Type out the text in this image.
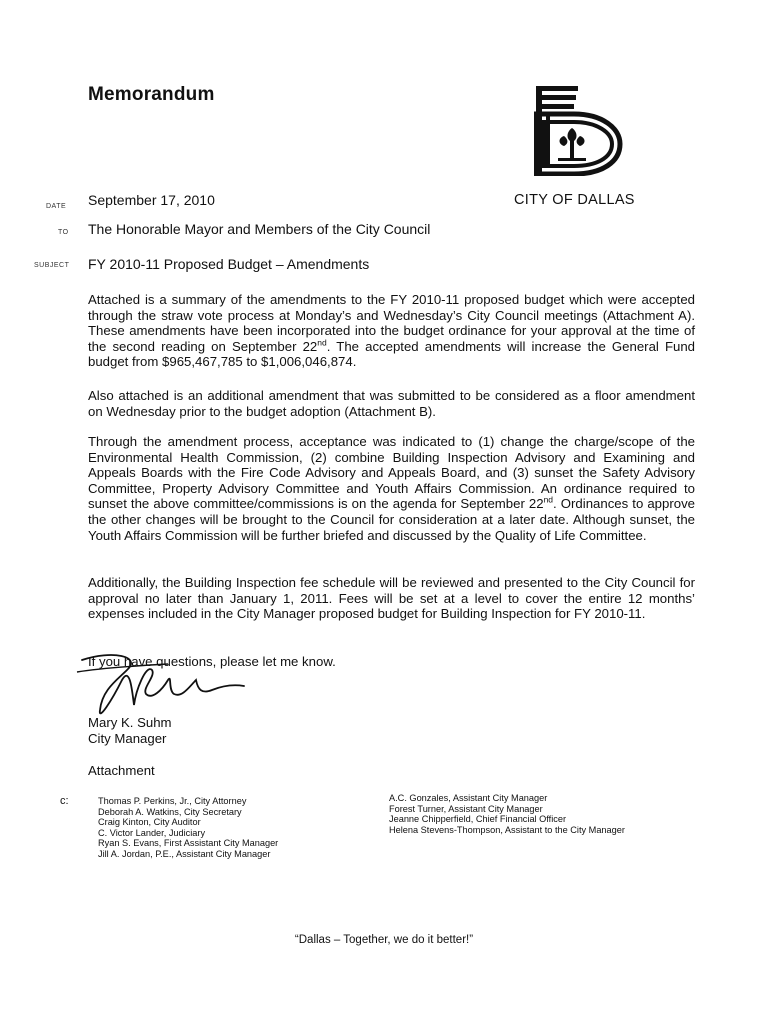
Memorandum
CITY OF DALLAS
DATE September 17, 2010
TO The Honorable Mayor and Members of the City Council
SUBJECT FY 2010-11 Proposed Budget – Amendments

Attached is a summary of the amendments to the FY 2010-11 proposed budget which were accepted through the straw vote process at Monday’s and Wednesday’s City Council meetings (Attachment A). These amendments have been incorporated into the budget ordinance for your approval at the time of the second reading on September 22nd. The accepted amendments will increase the General Fund budget from $965,467,785 to $1,006,046,874.

Also attached is an additional amendment that was submitted to be considered as a floor amendment on Wednesday prior to the budget adoption (Attachment B).

Through the amendment process, acceptance was indicated to (1) change the charge/scope of the Environmental Health Commission, (2) combine Building Inspection Advisory and Examining and Appeals Boards with the Fire Code Advisory and Appeals Board, and (3) sunset the Safety Advisory Committee, Property Advisory Committee and Youth Affairs Commission. An ordinance required to sunset the above committee/commissions is on the agenda for September 22nd. Ordinances to approve the other changes will be brought to the Council for consideration at a later date. Although sunset, the Youth Affairs Commission will be further briefed and discussed by the Quality of Life Committee.

Additionally, the Building Inspection fee schedule will be reviewed and presented to the City Council for approval no later than January 1, 2011. Fees will be set at a level to cover the entire 12 months’ expenses included in the City Manager proposed budget for Building Inspection for FY 2010-11.

If you have questions, please let me know.
Mary K. Suhm
City Manager
Attachment
c:	Thomas P. Perkins, Jr., City Attorney
Deborah A. Watkins, City Secretary
Craig Kinton, City Auditor
C. Victor Lander, Judiciary
Ryan S. Evans, First Assistant City Manager
Jill A. Jordan, P.E., Assistant City Manager
A.C. Gonzales, Assistant City Manager
Forest Turner, Assistant City Manager
Jeanne Chipperfield, Chief Financial Officer
Helena Stevens-Thompson, Assistant to the City Manager
“Dallas – Together, we do it better!”
